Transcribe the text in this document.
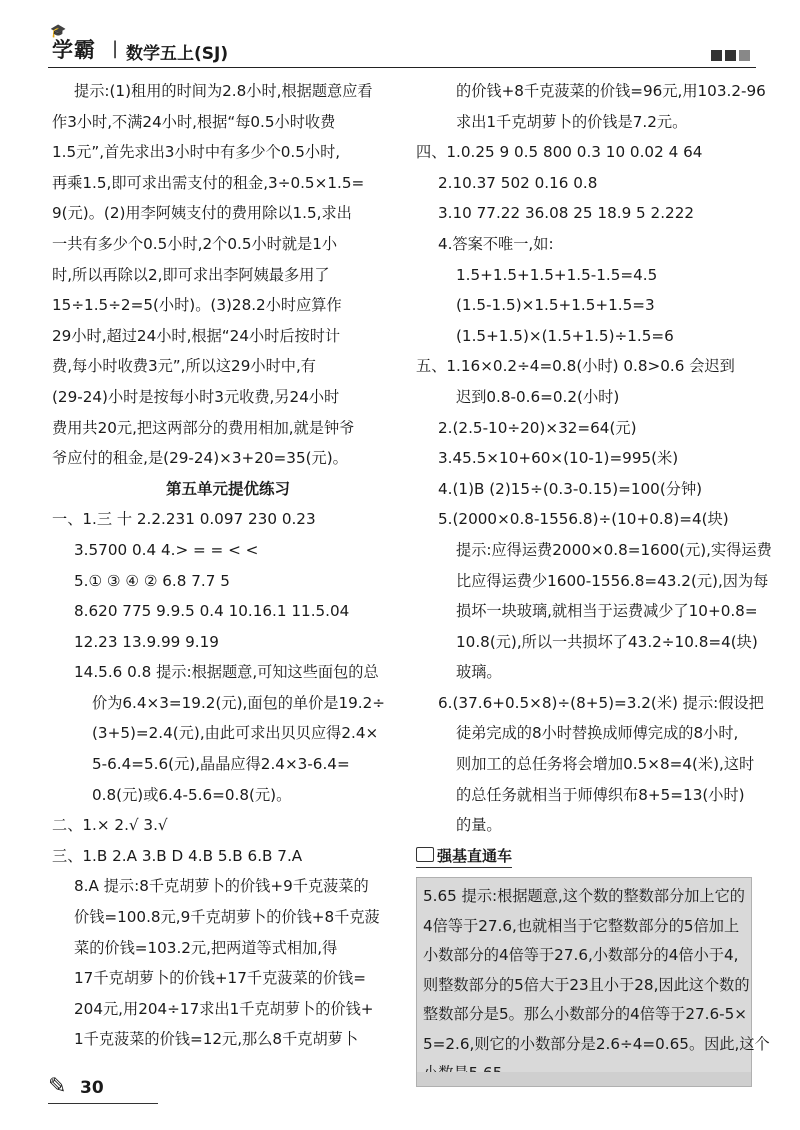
🎓
学霸 | 数学五上(SJ)
提示:(1)租用的时间为2.8小时,根据题意应看
作3小时,不满24小时,根据“每0.5小时收费
1.5元”,首先求出3小时中有多少个0.5小时,
再乘1.5,即可求出需支付的租金,3÷0.5×1.5=
9(元)。(2)用李阿姨支付的费用除以1.5,求出
一共有多少个0.5小时,2个0.5小时就是1小
时,所以再除以2,即可求出李阿姨最多用了
15÷1.5÷2=5(小时)。(3)28.2小时应算作
29小时,超过24小时,根据“24小时后按时计
费,每小时收费3元”,所以这29小时中,有
(29-24)小时是按每小时3元收费,另24小时
费用共20元,把这两部分的费用相加,就是钟爷
爷应付的租金,是(29-24)×3+20=35(元)。
第五单元提优练习
一、1.三 十 2.2.231 0.097 230 0.23
3.5700 0.4 4.> = = < <
5.① ③ ④ ② 6.8 7.7 5
8.620 775 9.9.5 0.4 10.16.1 11.5.04
12.23 13.9.99 9.19
14.5.6 0.8 提示:根据题意,可知这些面包的总
价为6.4×3=19.2(元),面包的单价是19.2÷
(3+5)=2.4(元),由此可求出贝贝应得2.4×
5-6.4=5.6(元),晶晶应得2.4×3-6.4=
0.8(元)或6.4-5.6=0.8(元)。
二、1.× 2.√ 3.√
三、1.B 2.A 3.B D 4.B 5.B 6.B 7.A
8.A 提示:8千克胡萝卜的价钱+9千克菠菜的
价钱=100.8元,9千克胡萝卜的价钱+8千克菠
菜的价钱=103.2元,把两道等式相加,得
17千克胡萝卜的价钱+17千克菠菜的价钱=
204元,用204÷17求出1千克胡萝卜的价钱+
1千克菠菜的价钱=12元,那么8千克胡萝卜
的价钱+8千克菠菜的价钱=96元,用103.2-96
求出1千克胡萝卜的价钱是7.2元。
四、1.0.25 9 0.5 800 0.3 10 0.02 4 64
2.10.37 502 0.16 0.8
3.10 77.22 36.08 25 18.9 5 2.222
4.答案不唯一,如:
1.5+1.5+1.5+1.5-1.5=4.5
(1.5-1.5)×1.5+1.5+1.5=3
(1.5+1.5)×(1.5+1.5)÷1.5=6
五、1.16×0.2÷4=0.8(小时) 0.8>0.6 会迟到
迟到0.8-0.6=0.2(小时)
2.(2.5-10÷20)×32=64(元)
3.45.5×10+60×(10-1)=995(米)
4.(1)B (2)15÷(0.3-0.15)=100(分钟)
5.(2000×0.8-1556.8)÷(10+0.8)=4(块)
提示:应得运费2000×0.8=1600(元),实得运费
比应得运费少1600-1556.8=43.2(元),因为每
损坏一块玻璃,就相当于运费减少了10+0.8=
10.8(元),所以一共损坏了43.2÷10.8=4(块)
玻璃。
6.(37.6+0.5×8)÷(8+5)=3.2(米) 提示:假设把
徒弟完成的8小时替换成师傅完成的8小时,
则加工的总任务将会增加0.5×8=4(米),这时
的总任务就相当于师傅织布8+5=13(小时)
的量。
强基直通车
5.65 提示:根据题意,这个数的整数部分加上它的
4倍等于27.6,也就相当于它整数部分的5倍加上
小数部分的4倍等于27.6,小数部分的4倍小于4,
则整数部分的5倍大于23且小于28,因此这个数的
整数部分是5。那么小数部分的4倍等于27.6-5×
5=2.6,则它的小数部分是2.6÷4=0.65。因此,这个
✎ 30
